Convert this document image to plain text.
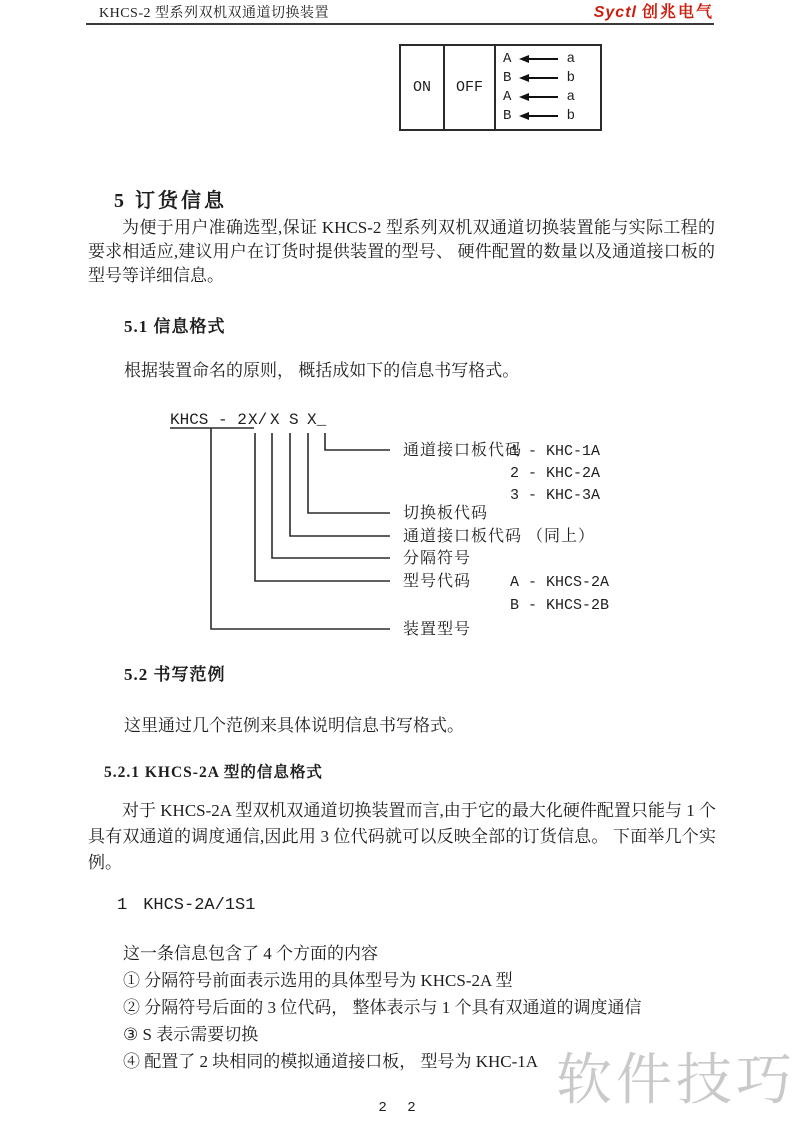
KHCS-2 型系列双机双通道切换装置	Syctl 创兆电气
ON	OFF
A	a
B	b
A	a
B	b
5 订货信息
为便于用户准确选型,保证 KHCS-2 型系列双机双通道切换装置能与实际工程的要求相适应,建议用户在订货时提供装置的型号、 硬件配置的数量以及通道接口板的型号等详细信息。
5.1 信息格式
根据装置命名的原则， 概括成如下的信息书写格式。
KHCS - 2 X/ X S X_
通道接口板代码
1 - KHC-1A
2 - KHC-2A
3 - KHC-3A
切换板代码
通道接口板代码 （同上）
分隔符号
型号代码	A - KHCS-2A
B - KHCS-2B
装置型号
5.2 书写范例
这里通过几个范例来具体说明信息书写格式。
5.2.1 KHCS-2A 型的信息格式
对于 KHCS-2A 型双机双通道切换装置而言,由于它的最大化硬件配置只能与 1 个具有双通道的调度通信,因此用 3 位代码就可以反映全部的订货信息。 下面举几个实例。
1 KHCS-2A/1S1
这一条信息包含了 4 个方面的内容
① 分隔符号前面表示选用的具体型号为 KHCS-2A 型
② 分隔符号后面的 3 位代码， 整体表示与 1 个具有双通道的调度通信
③ S 表示需要切换
④ 配置了 2 块相同的模拟通道接口板， 型号为 KHC-1A 软件技巧
2 2
